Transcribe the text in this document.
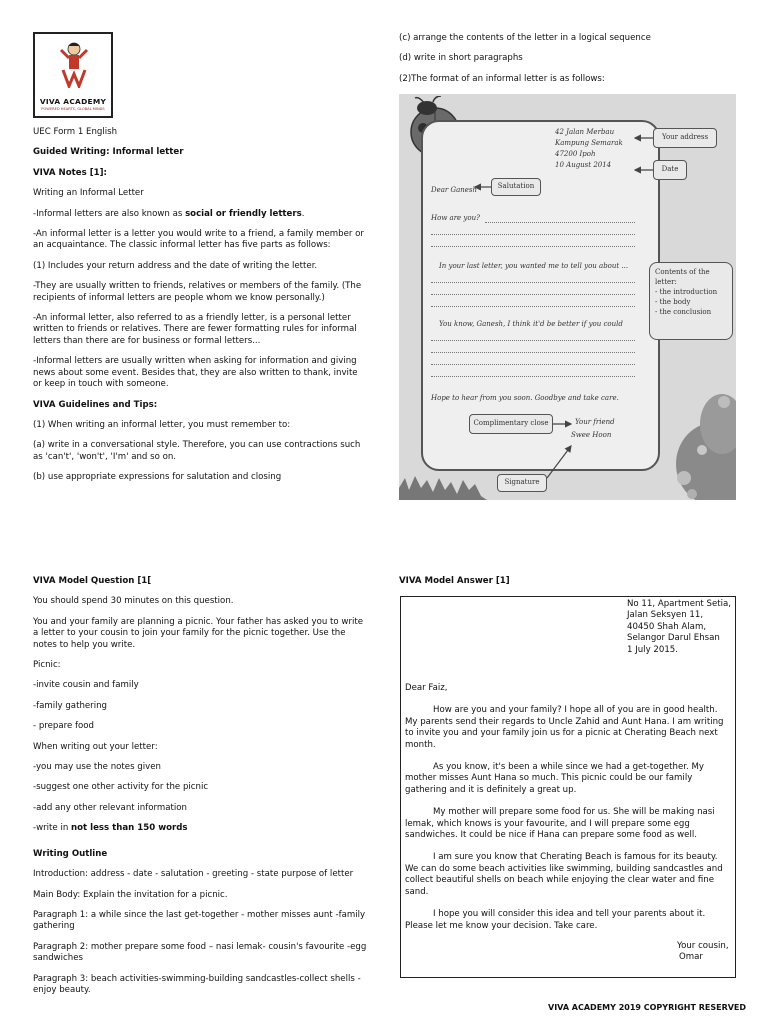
VIVA ACADEMY
POWERED HEARTS, GLOBAL MINDS

UEC Form 1 English

Guided Writing: Informal letter

VIVA Notes [1]:

Writing an Informal Letter

-Informal letters are also known as social or friendly letters.

-An informal letter is a letter you would write to a friend, a family member or an acquaintance. The classic informal letter has five parts as follows:

(1) Includes your return address and the date of writing the letter.

-They are usually written to friends, relatives or members of the family. (The recipients of informal letters are people whom we know personally.)

-An informal letter, also referred to as a friendly letter, is a personal letter written to friends or relatives. There are fewer formatting rules for informal letters than there are for business or formal letters...

-Informal letters are usually written when asking for information and giving news about some event. Besides that, they are also written to thank, invite or keep in touch with someone.

VIVA Guidelines and Tips:

(1) When writing an informal letter, you must remember to:

(a) write in a conversational style. Therefore, you can use contractions such as 'can't', 'won't', 'I'm' and so on.

(b) use appropriate expressions for salutation and closing

(c) arrange the contents of the letter in a logical sequence

(d) write in short paragraphs

(2)The format of an informal letter is as follows:

42 Jalan Merbau
Kampung Semarak
47200 Ipoh
10 August 2014
Dear Ganesh
How are you?
In your last letter, you wanted me to tell you about ...
You know, Ganesh, I think it'd be better if you could
Hope to hear from you soon. Goodbye and take care.
Your friend
Swee Hoon
Your address
Date
Salutation
Complimentary close
Signature
Contents of the
letter:
- the introduction
- the body
- the conclusion

VIVA Model Question [1[

You should spend 30 minutes on this question.

You and your family are planning a picnic. Your father has asked you to write a letter to your cousin to join your family for the picnic together. Use the notes to help you write.

Picnic:

-invite cousin and family

-family gathering

- prepare food

When writing out your letter:

-you may use the notes given

-suggest one other activity for the picnic

-add any other relevant information

-write in not less than 150 words

Writing Outline

Introduction: address - date - salutation - greeting - state purpose of letter

Main Body: Explain the invitation for a picnic.

Paragraph 1: a while since the last get-together - mother misses aunt -family gathering

Paragraph 2: mother prepare some food – nasi lemak- cousin's favourite -egg sandwiches

Paragraph 3: beach activities-swimming-building sandcastles-collect shells - enjoy beauty.

VIVA Model Answer [1]
No 11, Apartment Setia,
Jalan Seksyen 11,
40450 Shah Alam,
Selangor Darul Ehsan
1 July 2015.

Dear Faiz,

How are you and your family? I hope all of you are in good health. My parents send their regards to Uncle Zahid and Aunt Hana. I am writing to invite you and your family join us for a picnic at Cherating Beach next month.

As you know, it's been a while since we had a get-together. My mother misses Aunt Hana so much. This picnic could be our family gathering and it is definitely a great up.

My mother will prepare some food for us. She will be making nasi lemak, which knows is your favourite, and I will prepare some egg sandwiches. It could be nice if Hana can prepare some food as well.

I am sure you know that Cherating Beach is famous for its beauty. We can do some beach activities like swimming, building sandcastles and collect beautiful shells on beach while enjoying the clear water and fine sand.

I hope you will consider this idea and tell your parents about it. Please let me know your decision. Take care.

Your cousin,
Omar
VIVA ACADEMY 2019 COPYRIGHT RESERVED
